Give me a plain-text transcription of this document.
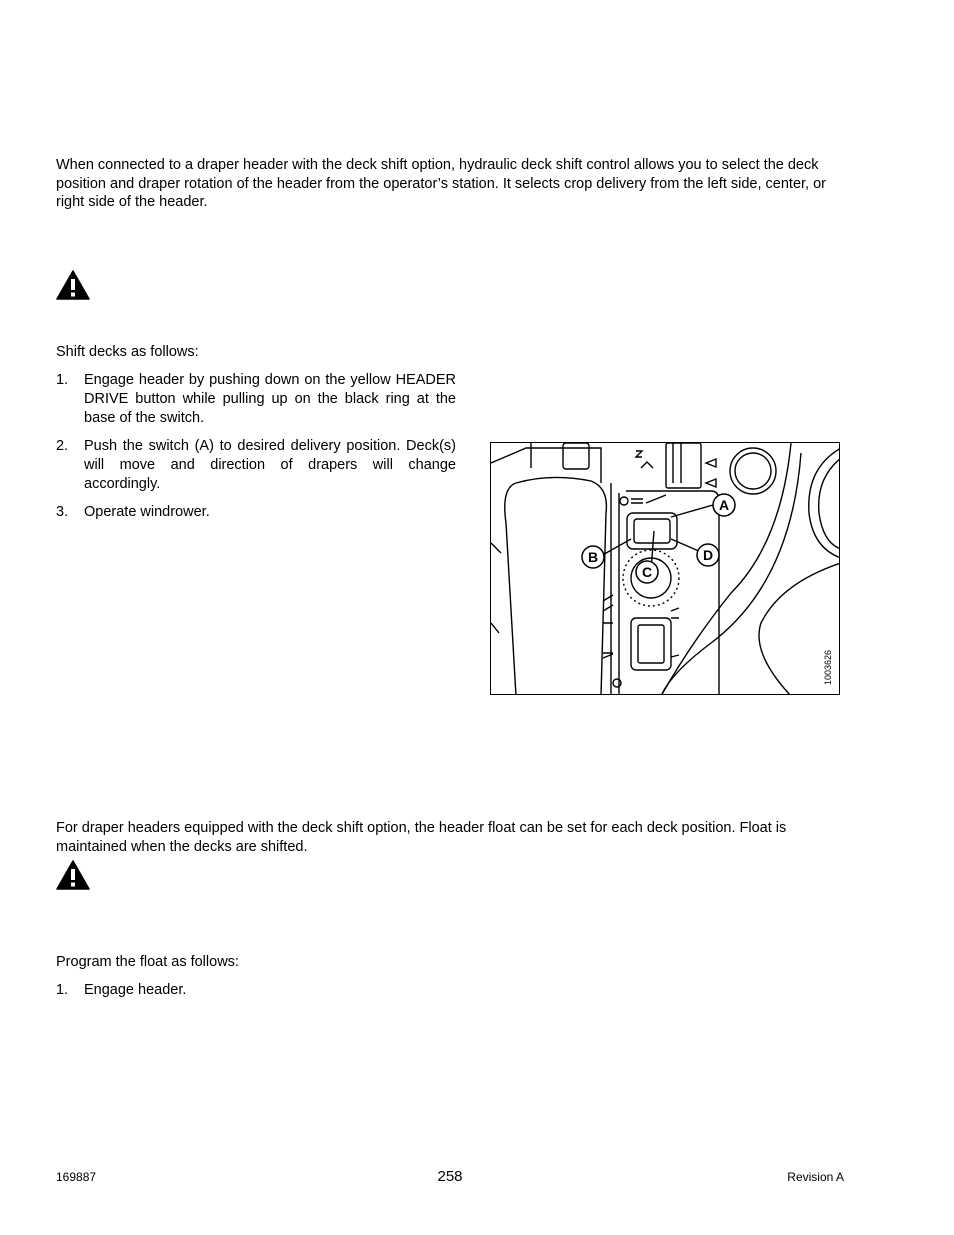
When connected to a draper header with the deck shift option, hydraulic deck shift control allows you to select the deck position and draper rotation of the header from the operator’s station. It selects crop delivery from the left side, center, or right side of the header.

Shift decks as follows:

1. Engage header by pushing down on the yellow HEADER DRIVE button while pulling up on the black ring at the base of the switch.
2. Push the switch (A) to desired delivery position. Deck(s) will move and direction of drapers will change accordingly.
3. Operate windrower.	A
B
C
D
1003626

For draper headers equipped with the deck shift option, the header float can be set for each deck position. Float is maintained when the decks are shifted.

Program the float as follows:

1. Engage header.
169887	258	Revision A
